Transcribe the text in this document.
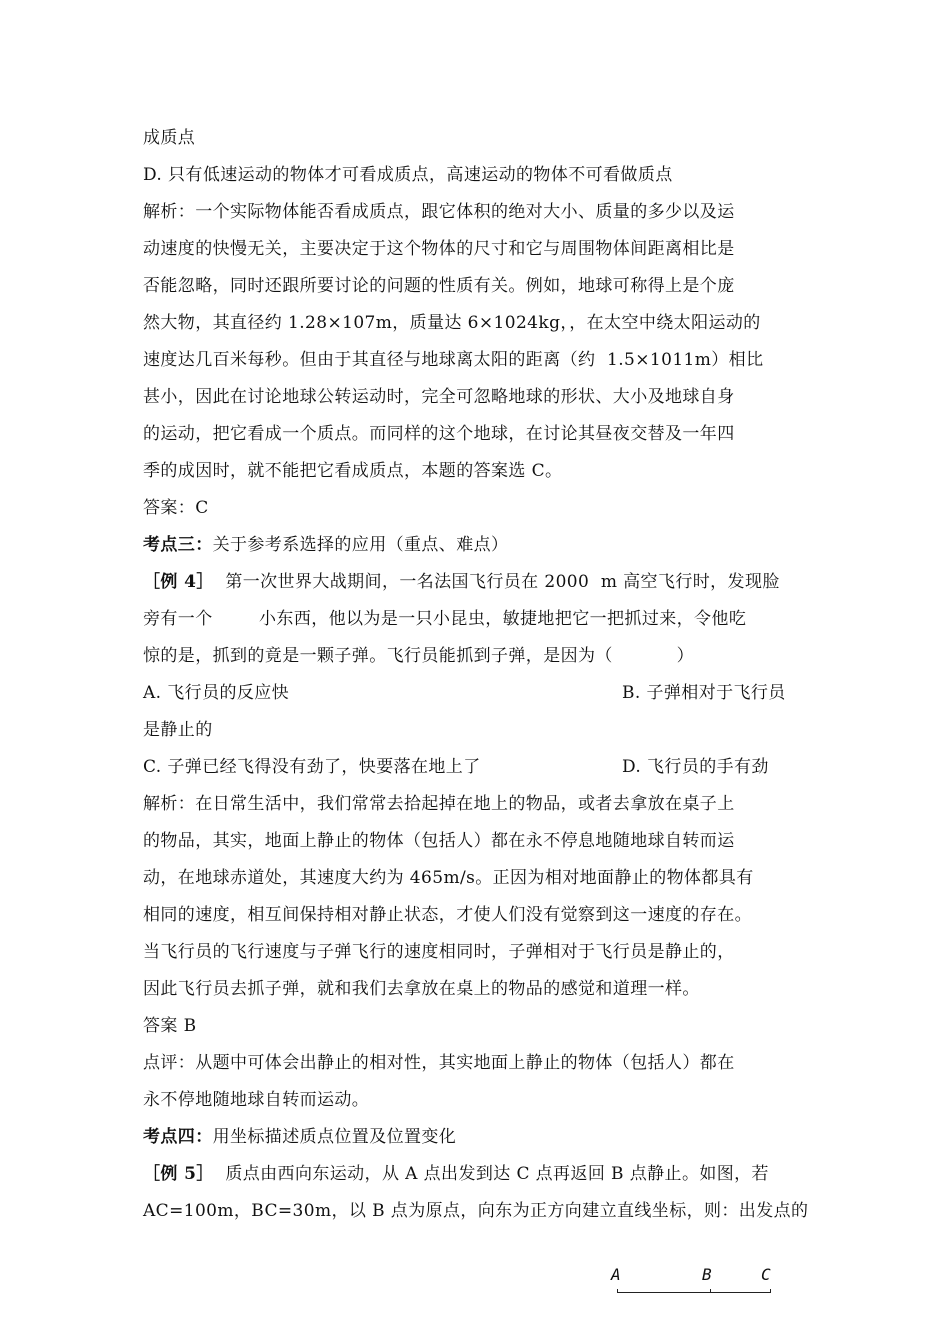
成质点
D. 只有低速运动的物体才可看成质点，高速运动的物体不可看做质点
解析：一个实际物体能否看成质点，跟它体积的绝对大小、质量的多少以及运
动速度的快慢无关，主要决定于这个物体的尺寸和它与周围物体间距离相比是
否能忽略，同时还跟所要讨论的问题的性质有关。例如，地球可称得上是个庞
然大物，其直径约 1.28×107m，质量达 6×1024kg，，在太空中绕太阳运动的
速度达几百米每秒。但由于其直径与地球离太阳的距离（约  1.5×1011m）相比
甚小，因此在讨论地球公转运动时，完全可忽略地球的形状、大小及地球自身
的运动，把它看成一个质点。而同样的这个地球，在讨论其昼夜交替及一年四
季的成因时，就不能把它看成质点，本题的答案选 C。
答案：C
考点三：关于参考系选择的应用（重点、难点）
［例 4］  第一次世界大战期间，一名法国飞行员在 2000  m 高空飞行时，发现脸
旁有一个        小东西，他以为是一只小昆虫，敏捷地把它一把抓过来，令他吃
惊的是，抓到的竟是一颗子弹。飞行员能抓到子弹，是因为（           ）
A. 飞行员的反应快	B. 子弹相对于飞行员
是静止的
C. 子弹已经飞得没有劲了，快要落在地上了	D. 飞行员的手有劲
解析：在日常生活中，我们常常去拾起掉在地上的物品，或者去拿放在桌子上
的物品，其实，地面上静止的物体（包括人）都在永不停息地随地球自转而运
动，在地球赤道处，其速度大约为 465m/s。正因为相对地面静止的物体都具有
相同的速度，相互间保持相对静止状态，才使人们没有觉察到这一速度的存在。
当飞行员的飞行速度与子弹飞行的速度相同时，子弹相对于飞行员是静止的，
因此飞行员去抓子弹，就和我们去拿放在桌上的物品的感觉和道理一样。
答案 B
点评：从题中可体会出静止的相对性，其实地面上静止的物体（包括人）都在
永不停地随地球自转而运动。
考点四：用坐标描述质点位置及位置变化
［例 5］  质点由西向东运动，从 A 点出发到达 C 点再返回 B 点静止。如图，若
AC=100m，BC=30m，以 B 点为原点，向东为正方向建立直线坐标，则：出发点的
A	B	C
